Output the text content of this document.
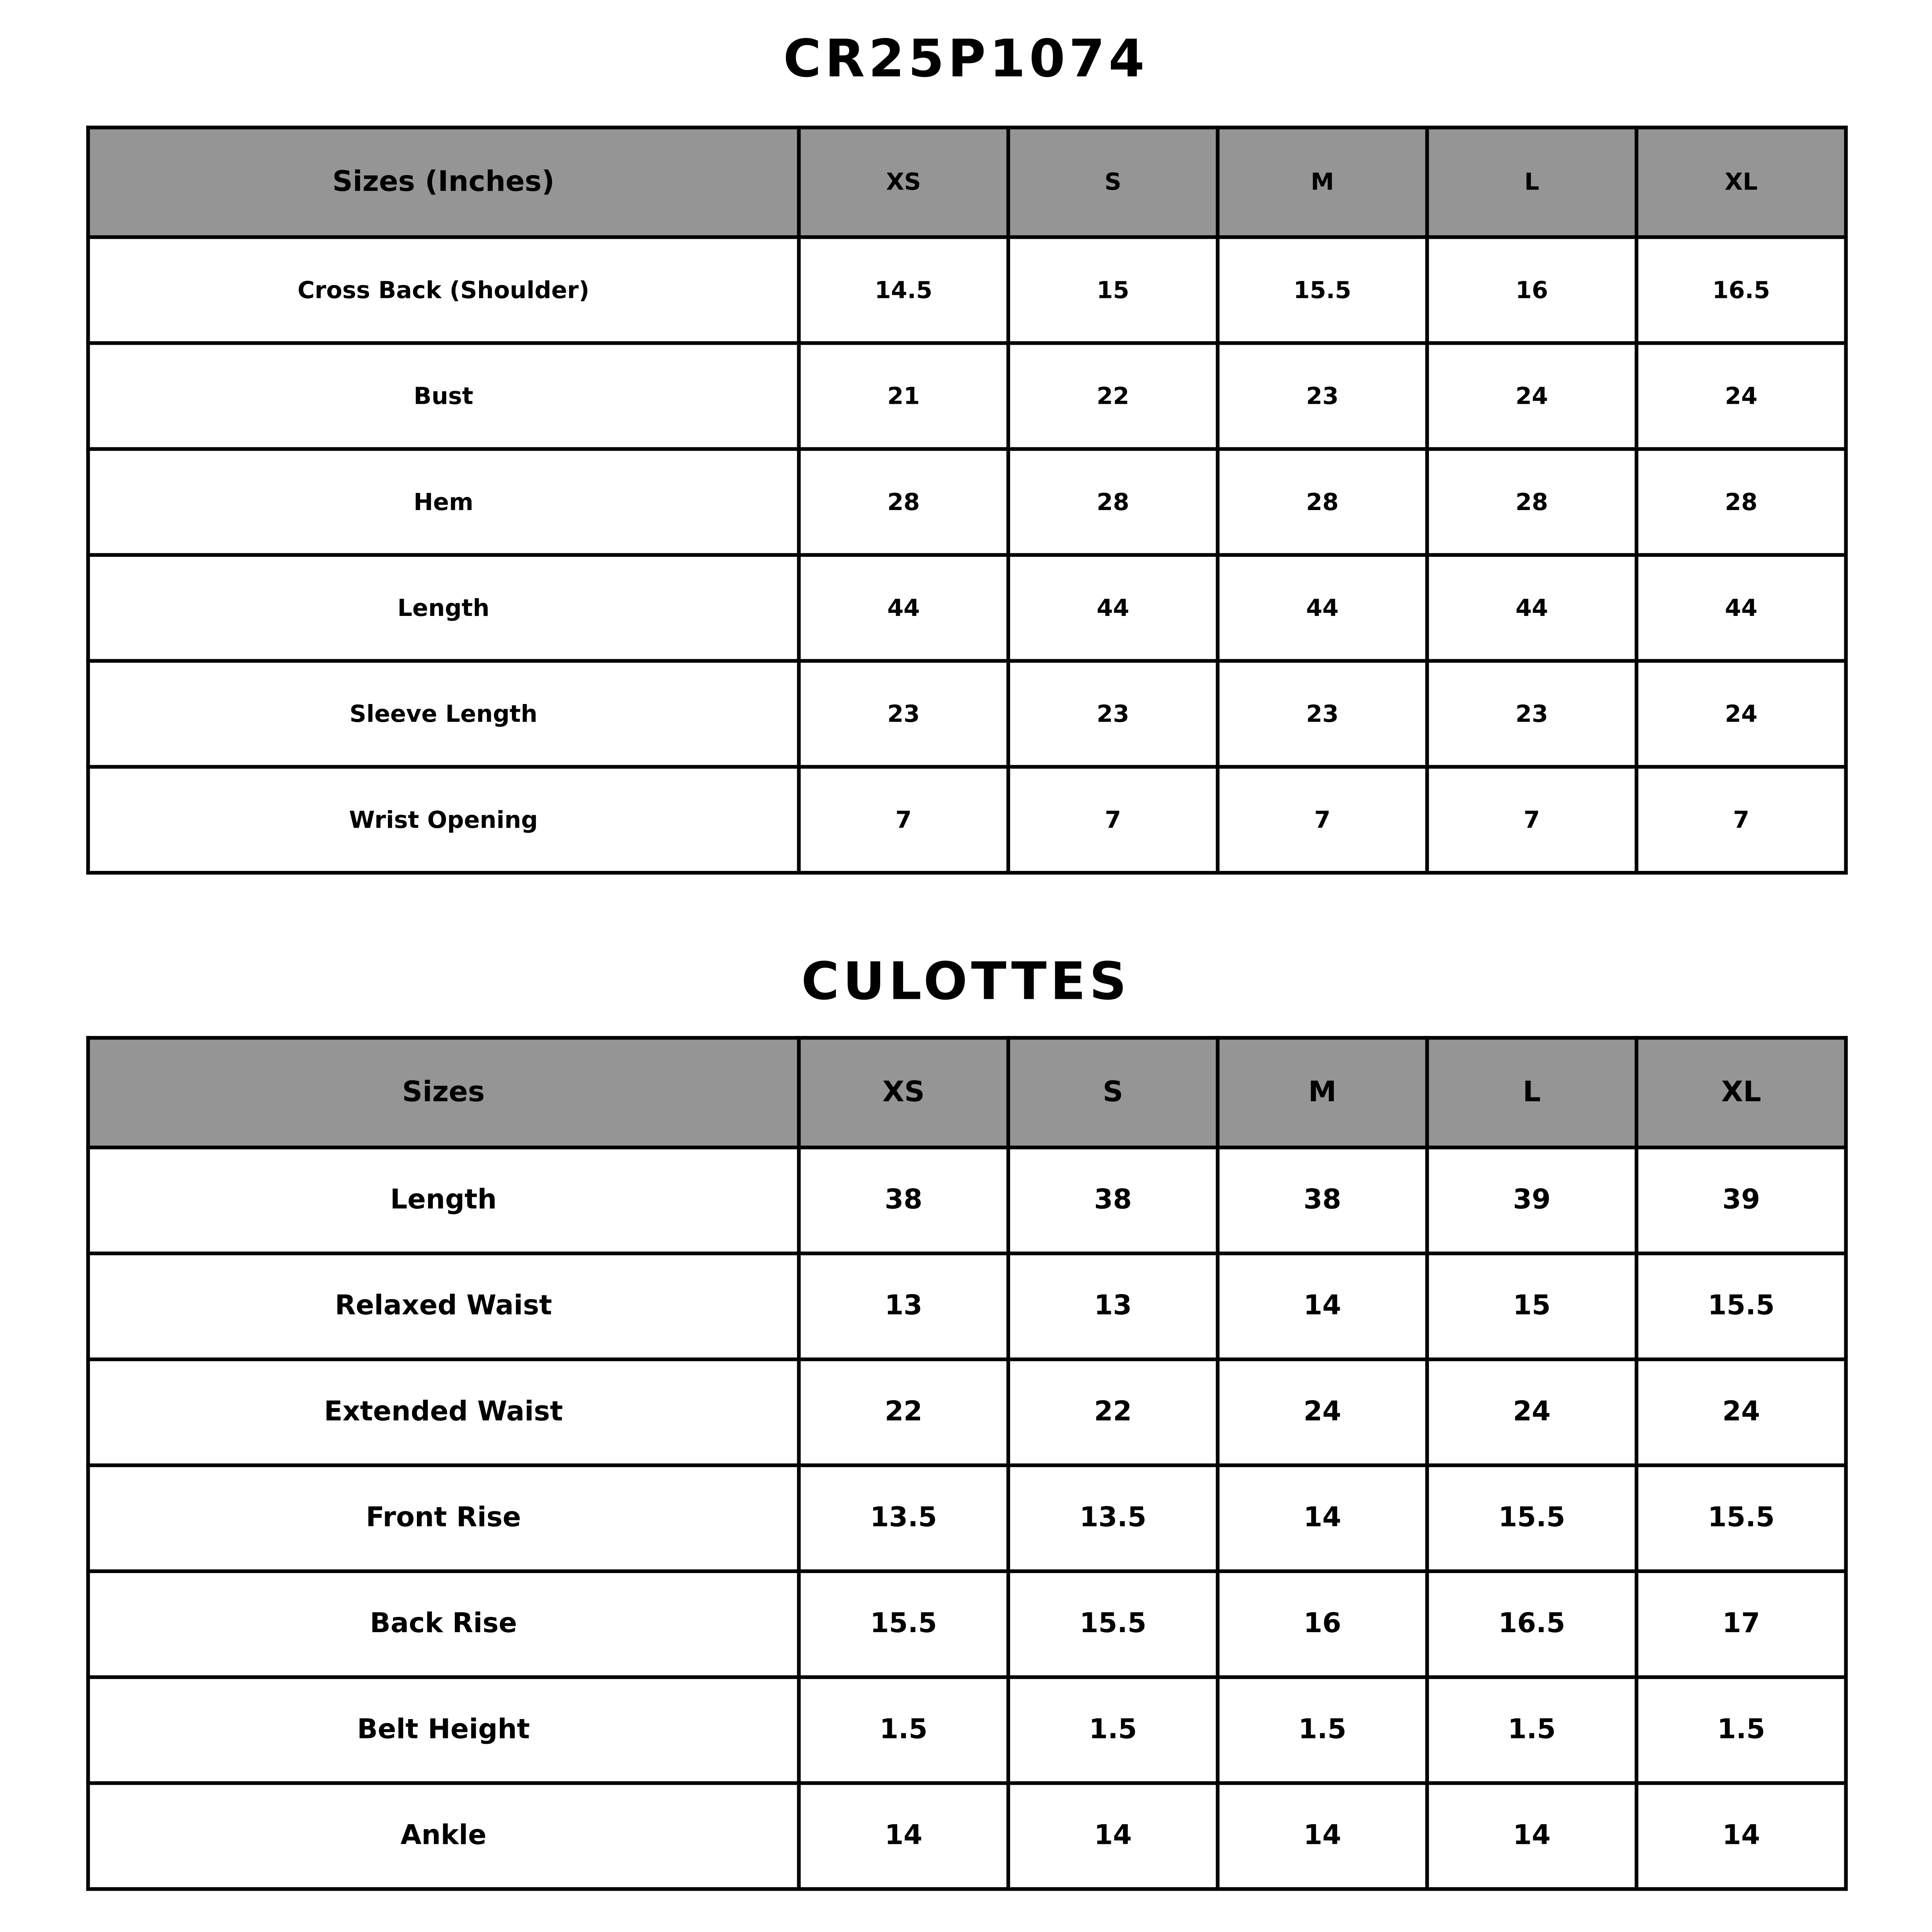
CR25P1074
Sizes (Inches)	XS	S	M	L	XL
Cross Back (Shoulder)	14.5	15	15.5	16	16.5
Bust	21	22	23	24	24
Hem	28	28	28	28	28
Length	44	44	44	44	44
Sleeve Length	23	23	23	23	24
Wrist Opening	7	7	7	7	7
CULOTTES
Sizes	XS	S	M	L	XL
Length	38	38	38	39	39
Relaxed Waist	13	13	14	15	15.5
Extended Waist	22	22	24	24	24
Front Rise	13.5	13.5	14	15.5	15.5
Back Rise	15.5	15.5	16	16.5	17
Belt Height	1.5	1.5	1.5	1.5	1.5
Ankle	14	14	14	14	14
